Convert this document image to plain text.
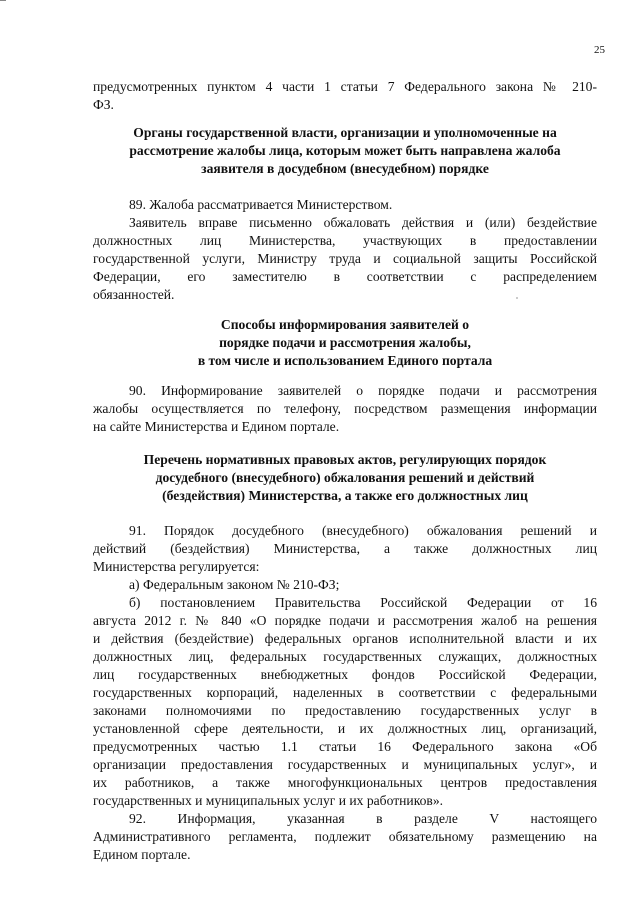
25
предусмотренных пунктом 4 части 1 статьи 7 Федерального закона № 210-
ФЗ.
Органы государственной власти, организации и уполномоченные на
рассмотрение жалобы лица, которым может быть направлена жалоба
заявителя в досудебном (внесудебном) порядке
89. Жалоба рассматривается Министерством.
Заявитель вправе письменно обжаловать действия и (или) бездействие
должностных лиц Министерства, участвующих в предоставлении
государственной услуги, Министру труда и социальной защиты Российской
Федерации, его заместителю в соответствии с распределением
обязанностей.
Способы информирования заявителей о
порядке подачи и рассмотрения жалобы,
в том числе и использованием Единого портала
90. Информирование заявителей о порядке подачи и рассмотрения
жалобы осуществляется по телефону, посредством размещения информации
на сайте Министерства и Едином портале.
Перечень нормативных правовых актов, регулирующих порядок
досудебного (внесудебного) обжалования решений и действий
(бездействия) Министерства, а также его должностных лиц
91. Порядок досудебного (внесудебного) обжалования решений и
действий (бездействия) Министерства, а также должностных лиц
Министерства регулируется:
а) Федеральным законом № 210-ФЗ;
б) постановлением Правительства Российской Федерации от 16
августа 2012 г. № 840 «О порядке подачи и рассмотрения жалоб на решения
и действия (бездействие) федеральных органов исполнительной власти и их
должностных лиц, федеральных государственных служащих, должностных
лиц государственных внебюджетных фондов Российской Федерации,
государственных корпораций, наделенных в соответствии с федеральными
законами полномочиями по предоставлению государственных услуг в
установленной сфере деятельности, и их должностных лиц, организаций,
предусмотренных частью 1.1 статьи 16 Федерального закона «Об
организации предоставления государственных и муниципальных услуг», и
их работников, а также многофункциональных центров предоставления
государственных и муниципальных услуг и их работников».
92. Информация, указанная в разделе V настоящего
Административного регламента, подлежит обязательному размещению на
Едином портале.
